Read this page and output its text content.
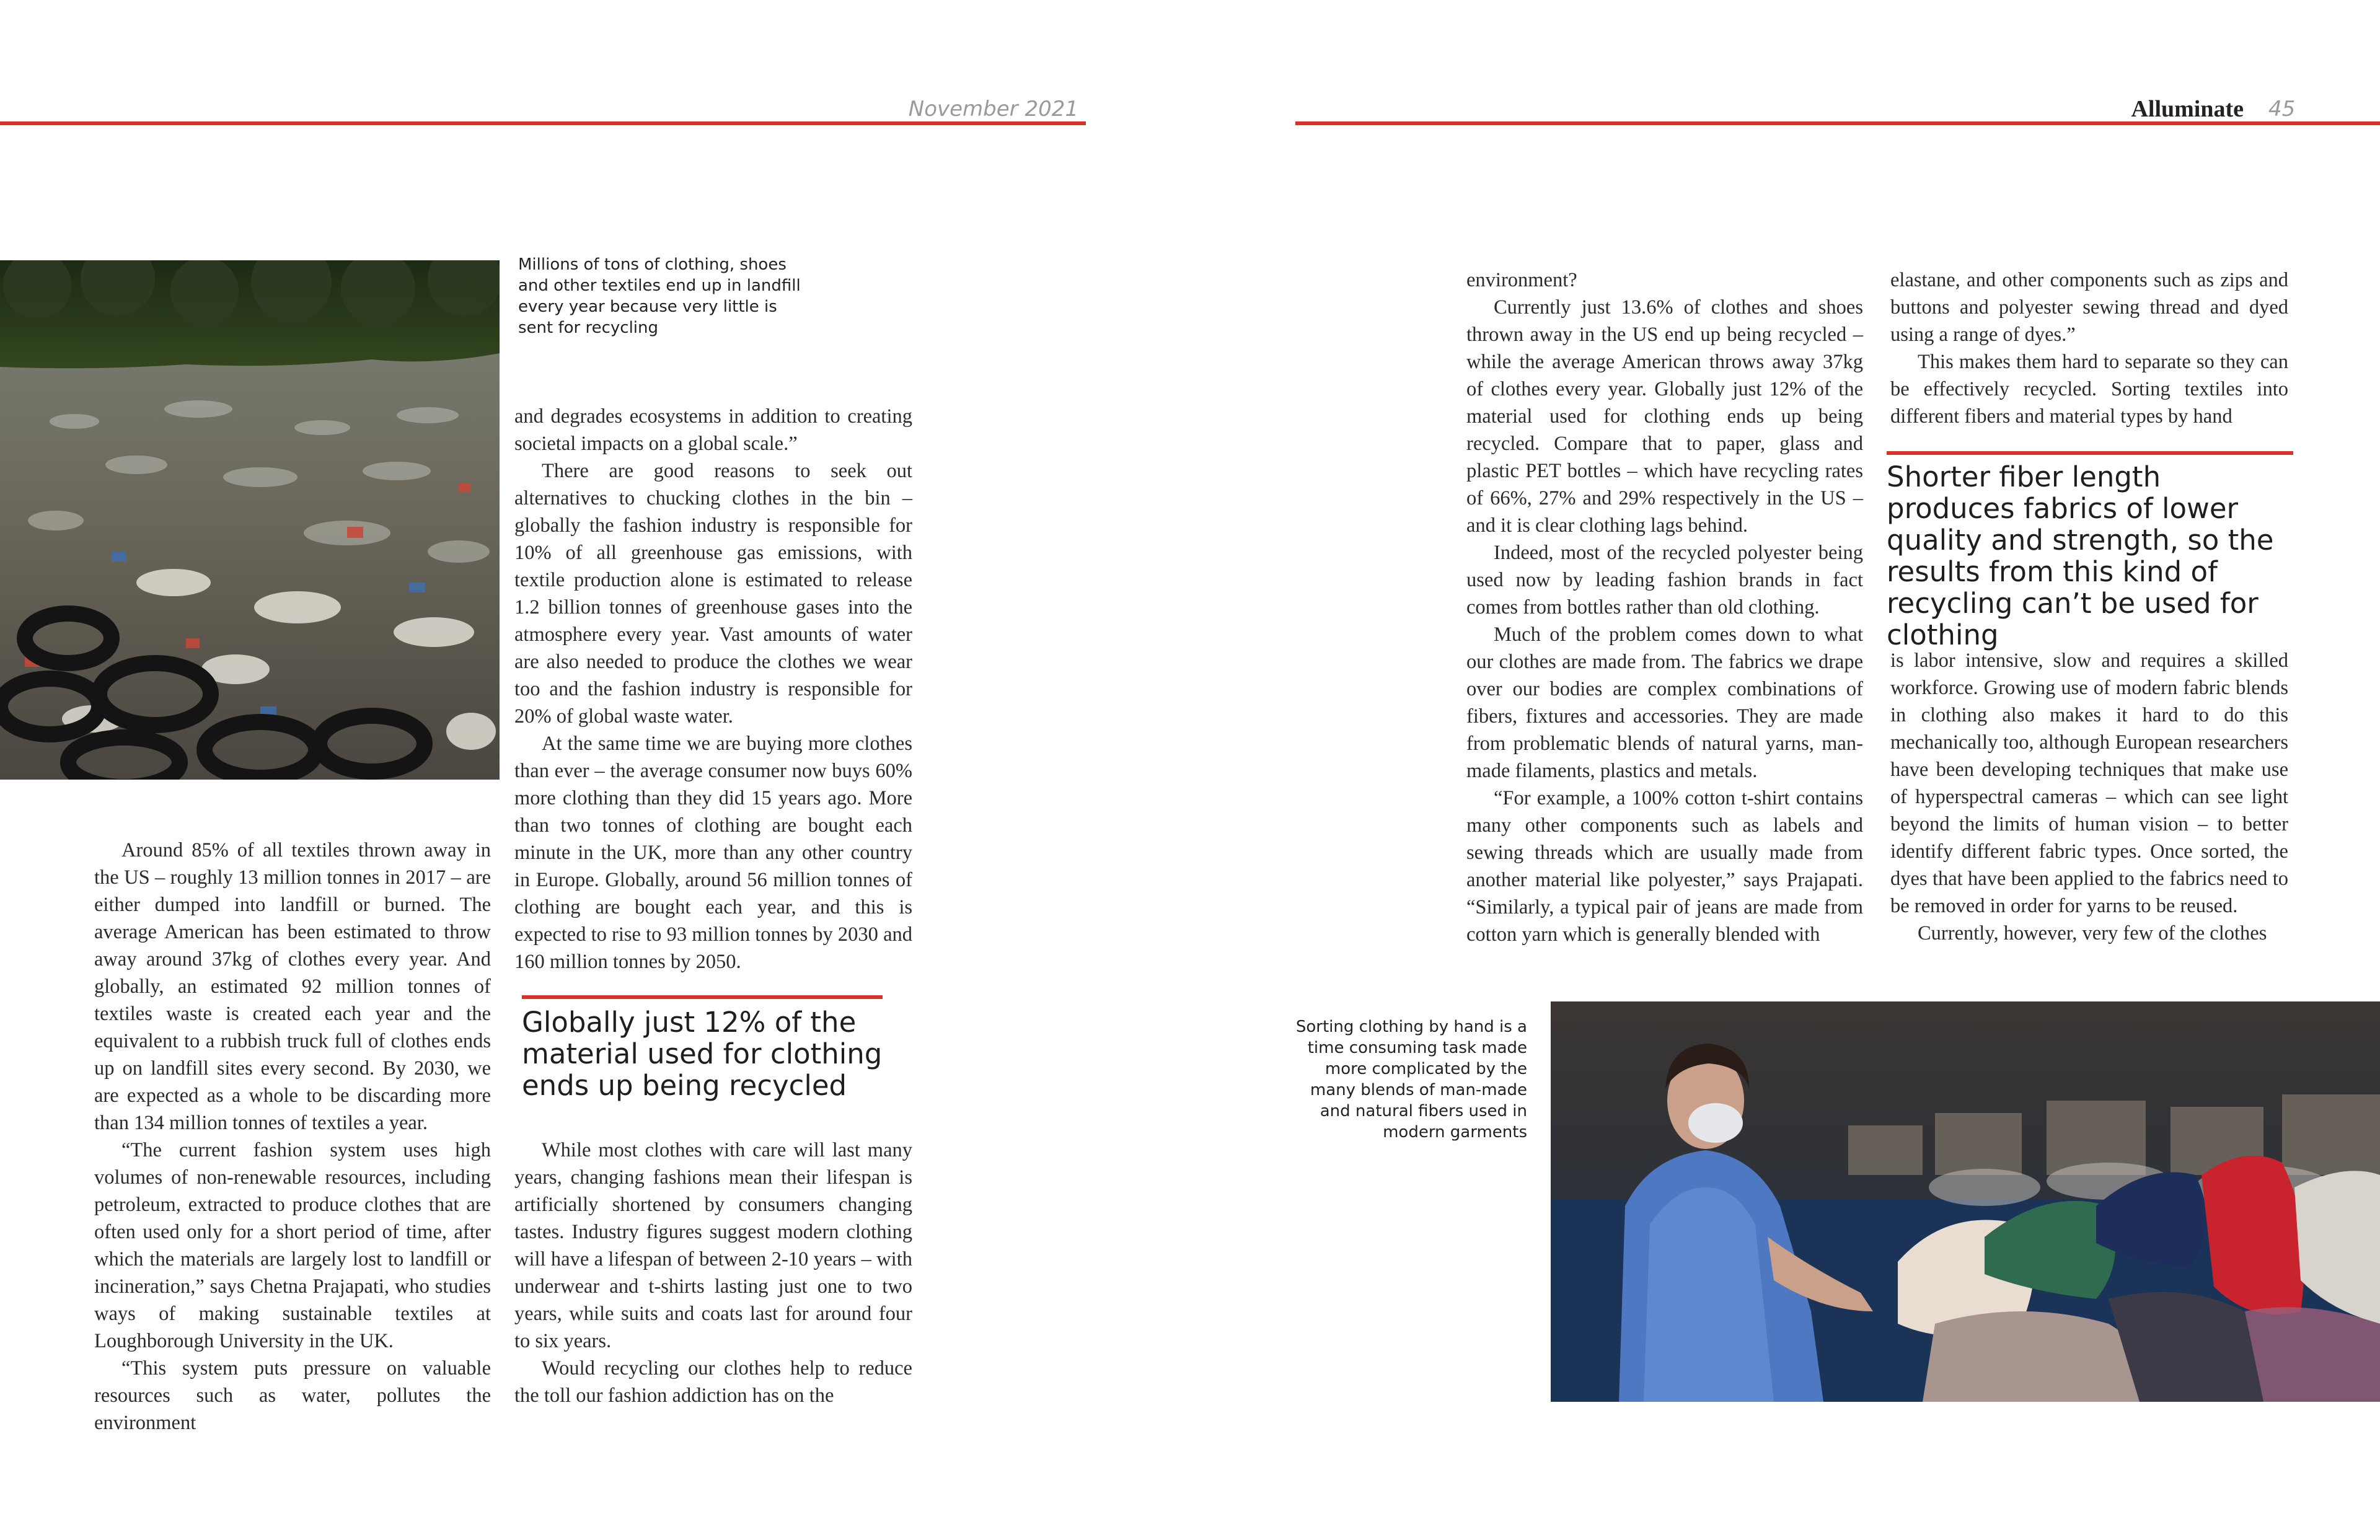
November 2021	Alluminate 45
Millions of tons of clothing, shoes and other textiles end up in landfill every year because very little is sent for recycling

Around 85% of all textiles thrown away in the US – roughly 13 million tonnes in 2017 – are either dumped into landfill or burned. The average American has been estimated to throw away around 37kg of clothes every year. And globally, an estimated 92 million tonnes of textiles waste is created each year and the equivalent to a rubbish truck full of clothes ends up on landfill sites every second. By 2030, we are expected as a whole to be discarding more than 134 million tonnes of textiles a year.

“The current fashion system uses high volumes of non-renewable resources, including petroleum, extracted to produce clothes that are often used only for a short period of time, after which the materials are largely lost to landfill or incineration,” says Chetna Prajapati, who studies ways of making sustainable textiles at Loughborough University in the UK.

“This system puts pressure on valuable resources such as water, pollutes the environment

and degrades ecosystems in addition to creating societal impacts on a global scale.”

There are good reasons to seek out alternatives to chucking clothes in the bin – globally the fashion industry is responsible for 10% of all greenhouse gas emissions, with textile production alone is estimated to release 1.2 billion tonnes of greenhouse gases into the atmosphere every year. Vast amounts of water are also needed to produce the clothes we wear too and the fashion industry is responsible for 20% of global waste water.

At the same time we are buying more clothes than ever – the average consumer now buys 60% more clothing than they did 15 years ago. More than two tonnes of clothing are bought each minute in the UK, more than any other country in Europe. Globally, around 56 million tonnes of clothing are bought each year, and this is expected to rise to 93 million tonnes by 2030 and 160 million tonnes by 2050.

Globally just 12% of the material used for clothing ends up being recycled

While most clothes with care will last many years, changing fashions mean their lifespan is artificially shortened by consumers changing tastes. Industry figures suggest modern clothing will have a lifespan of between 2-10 years – with underwear and t-shirts lasting just one to two years, while suits and coats last for around four to six years.

Would recycling our clothes help to reduce the toll our fashion addiction has on the

environment?

Currently just 13.6% of clothes and shoes thrown away in the US end up being recycled – while the average American throws away 37kg of clothes every year. Globally just 12% of the material used for clothing ends up being recycled. Compare that to paper, glass and plastic PET bottles – which have recycling rates of 66%, 27% and 29% respectively in the US – and it is clear clothing lags behind.

Indeed, most of the recycled polyester being used now by leading fashion brands in fact comes from bottles rather than old clothing.

Much of the problem comes down to what our clothes are made from. The fabrics we drape over our bodies are complex combinations of fibers, fixtures and accessories. They are made from problematic blends of natural yarns, man-made filaments, plastics and metals.

“For example, a 100% cotton t-shirt contains many other components such as labels and sewing threads which are usually made from another material like polyester,” says Prajapati. “Similarly, a typical pair of jeans are made from cotton yarn which is generally blended with

elastane, and other components such as zips and buttons and polyester sewing thread and dyed using a range of dyes.”

This makes them hard to separate so they can be effectively recycled. Sorting textiles into different fibers and material types by hand

Shorter fiber length produces fabrics of lower quality and strength, so the results from this kind of recycling can’t be used for clothing

is labor intensive, slow and requires a skilled workforce. Growing use of modern fabric blends in clothing also makes it hard to do this mechanically too, although European researchers have been developing techniques that make use of hyperspectral cameras – which can see light beyond the limits of human vision – to better identify different fabric types. Once sorted, the dyes that have been applied to the fabrics need to be removed in order for yarns to be reused.

Currently, however, very few of the clothes

Sorting clothing by hand is a time consuming task made more complicated by the many blends of man-made and natural fibers used in modern garments
